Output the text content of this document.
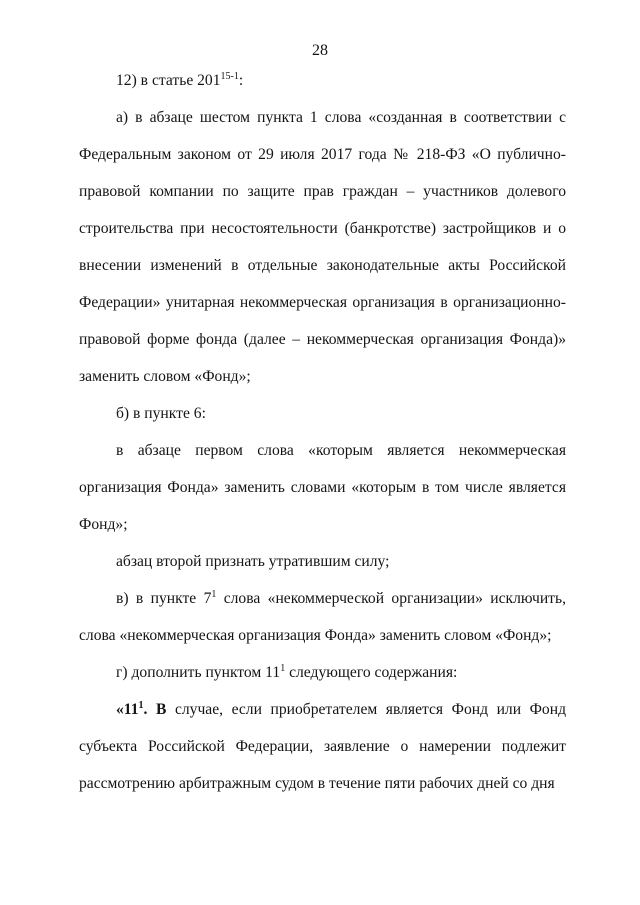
28

12) в статье 201$^{15-1}$:

а) в абзаце шестом пункта 1 слова «созданная в соответствии с Федеральным законом от 29 июля 2017 года № 218-ФЗ «О публично-правовой компании по защите прав граждан – участников долевого строительства при несостоятельности (банкротстве) застройщиков и о внесении изменений в отдельные законодательные акты Российской Федерации» унитарная некоммерческая организация в организационно-правовой форме фонда (далее – некоммерческая организация Фонда)» заменить словом «Фонд»;

б) в пункте 6:

в абзаце первом слова «которым является некоммерческая организация Фонда» заменить словами «которым в том числе является Фонд»;

абзац второй признать утратившим силу;

в) в пункте $7^1$ слова «некоммерческой организации» исключить, слова «некоммерческая организация Фонда» заменить словом «Фонд»;

г) дополнить пунктом $11^1$ следующего содержания:

«$11^1$. В случае, если приобретателем является Фонд или Фонд субъекта Российской Федерации, заявление о намерении подлежит рассмотрению арбитражным судом в течение пяти рабочих дней со дня
